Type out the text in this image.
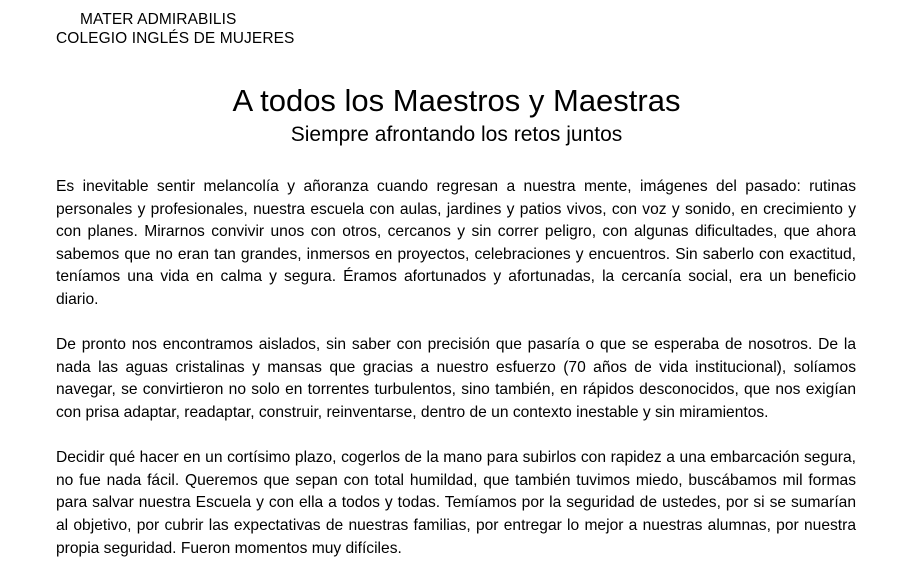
MATER ADMIRABILIS
COLEGIO INGLÉS DE MUJERES
A todos los Maestros y Maestras
Siempre afrontando los retos juntos

Es inevitable sentir melancolía y añoranza cuando regresan a nuestra mente, imágenes del pasado: rutinas personales y profesionales, nuestra escuela con aulas, jardines y patios vivos, con voz y sonido, en crecimiento y con planes. Mirarnos convivir unos con otros, cercanos y sin correr peligro, con algunas dificultades, que ahora sabemos que no eran tan grandes, inmersos en proyectos, celebraciones y encuentros. Sin saberlo con exactitud, teníamos una vida en calma y segura. Éramos afortunados y afortunadas, la cercanía social, era un beneficio diario.

De pronto nos encontramos aislados, sin saber con precisión que pasaría o que se esperaba de nosotros. De la nada las aguas cristalinas y mansas que gracias a nuestro esfuerzo (70 años de vida institucional), solíamos navegar, se convirtieron no solo en torrentes turbulentos, sino también, en rápidos desconocidos, que nos exigían con prisa adaptar, readaptar, construir, reinventarse, dentro de un contexto inestable y sin miramientos.

Decidir qué hacer en un cortísimo plazo, cogerlos de la mano para subirlos con rapidez a una embarcación segura, no fue nada fácil. Queremos que sepan con total humildad, que también tuvimos miedo, buscábamos mil formas para salvar nuestra Escuela y con ella a todos y todas. Temíamos por la seguridad de ustedes, por si se sumarían al objetivo, por cubrir las expectativas de nuestras familias, por entregar lo mejor a nuestras alumnas, por nuestra propia seguridad. Fueron momentos muy difíciles.
